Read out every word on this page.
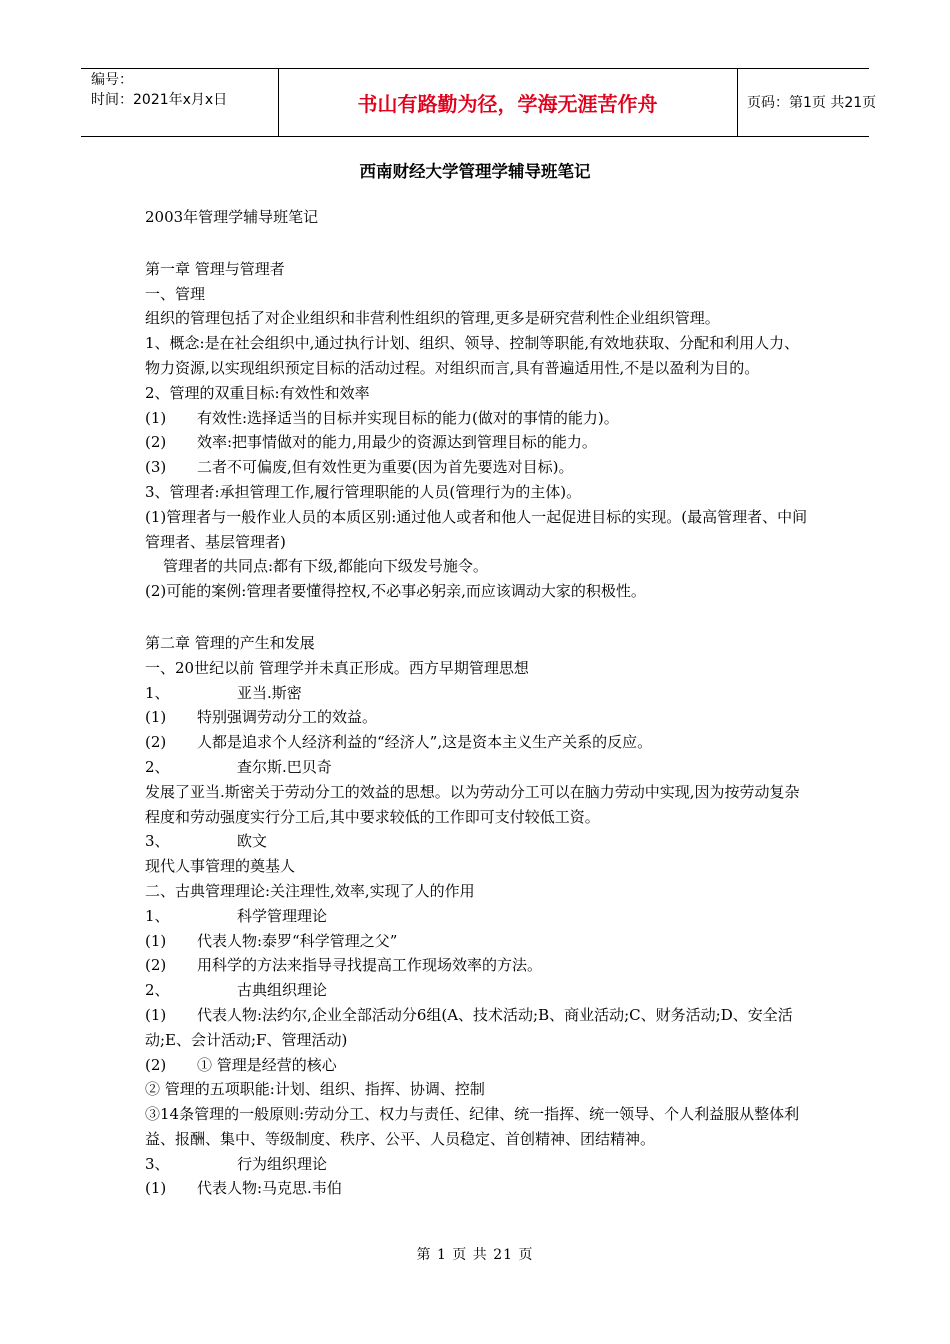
编号：
时间：2021年x月x日	书山有路勤为径，学海无涯苦作舟	页码：第1页 共21页
西南财经大学管理学辅导班笔记
2003年管理学辅导班笔记
第一章 管理与管理者
一、管理
组织的管理包括了对企业组织和非营利性组织的管理,更多是研究营利性企业组织管理。
1、概念:是在社会组织中,通过执行计划、组织、领导、控制等职能,有效地获取、分配和利用人力、物力资源,以实现组织预定目标的活动过程。对组织而言,具有普遍适用性,不是以盈利为目的。
2、管理的双重目标:有效性和效率
(1) 有效性:选择适当的目标并实现目标的能力(做对的事情的能力)。
(2) 效率:把事情做对的能力,用最少的资源达到管理目标的能力。
(3) 二者不可偏废,但有效性更为重要(因为首先要选对目标)。
3、管理者:承担管理工作,履行管理职能的人员(管理行为的主体)。
(1)管理者与一般作业人员的本质区别:通过他人或者和他人一起促进目标的实现。(最高管理者、中间管理者、基层管理者)
管理者的共同点:都有下级,都能向下级发号施令。
(2)可能的案例:管理者要懂得控权,不必事必躬亲,而应该调动大家的积极性。
第二章 管理的产生和发展
一、20世纪以前 管理学并未真正形成。西方早期管理思想
1、	亚当.斯密
(1) 特别强调劳动分工的效益。
(2) 人都是追求个人经济利益的“经济人”,这是资本主义生产关系的反应。
2、	查尔斯.巴贝奇
发展了亚当.斯密关于劳动分工的效益的思想。以为劳动分工可以在脑力劳动中实现,因为按劳动复杂程度和劳动强度实行分工后,其中要求较低的工作即可支付较低工资。
3、	欧文
现代人事管理的奠基人
二、古典管理理论:关注理性,效率,实现了人的作用
1、	科学管理理论
(1) 代表人物:泰罗“科学管理之父”
(2) 用科学的方法来指导寻找提高工作现场效率的方法。
2、	古典组织理论
(1) 代表人物:法约尔,企业全部活动分6组(A、技术活动;B、商业活动;C、财务活动;D、安全活动;E、会计活动;F、管理活动)
(2) ① 管理是经营的核心
② 管理的五项职能:计划、组织、指挥、协调、控制
③14条管理的一般原则:劳动分工、权力与责任、纪律、统一指挥、统一领导、个人利益服从整体利益、报酬、集中、等级制度、秩序、公平、人员稳定、首创精神、团结精神。
3、	行为组织理论
(1) 代表人物:马克思.韦伯
第 1 页 共 21 页
